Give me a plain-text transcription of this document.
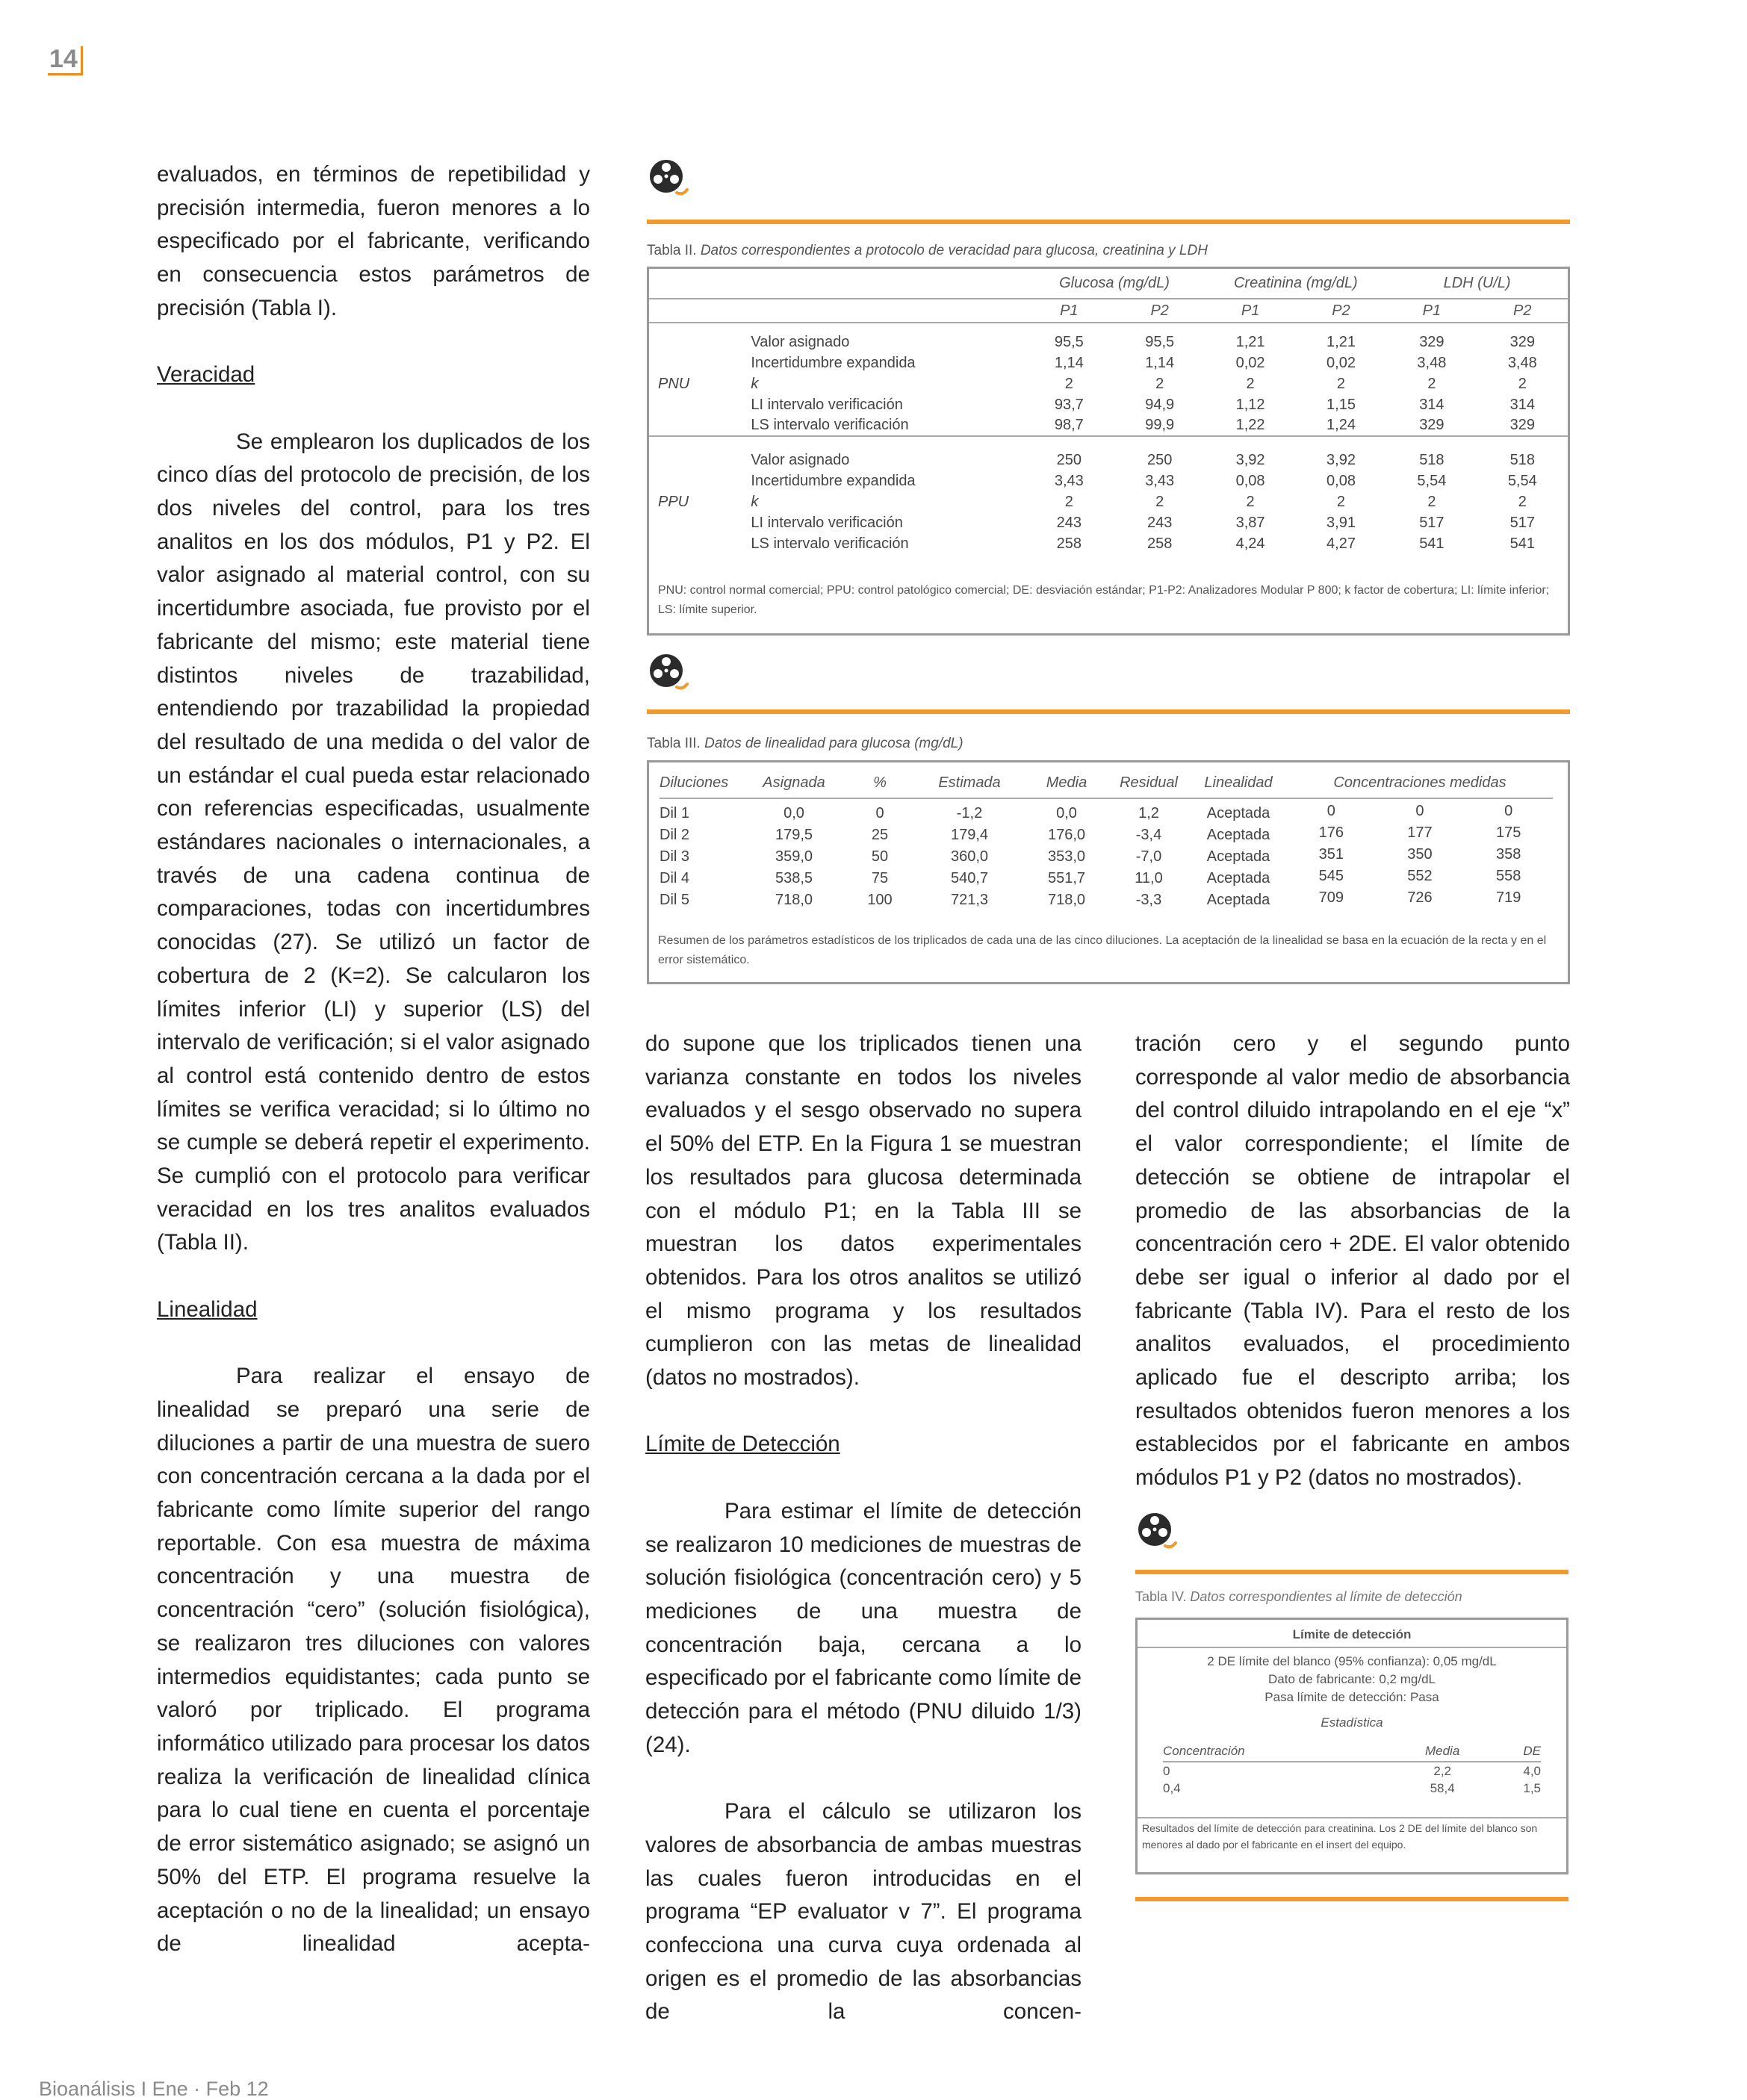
14

evaluados, en términos de repetibilidad y precisión intermedia, fueron menores a lo especificado por el fabricante, verificando en consecuencia estos parámetros de precisión (Tabla I).

Veracidad

Se emplearon los duplicados de los cinco días del protocolo de precisión, de los dos niveles del control, para los tres analitos en los dos módulos, P1 y P2. El valor asignado al material control, con su incertidumbre asociada, fue provisto por el fabricante del mismo; este material tiene distintos niveles de trazabilidad, entendiendo por trazabilidad la propiedad del resultado de una medida o del valor de un estándar el cual pueda estar relacionado con referencias especificadas, usualmente estándares nacionales o internacionales, a través de una cadena continua de comparaciones, todas con incertidumbres conocidas (27). Se utilizó un factor de cobertura de 2 (K=2). Se calcularon los límites inferior (LI) y superior (LS) del intervalo de verificación; si el valor asignado al control está contenido dentro de estos límites se verifica veracidad; si lo último no se cumple se deberá repetir el experimento. Se cumplió con el protocolo para verificar veracidad en los tres analitos evaluados (Tabla II).

Linealidad

Para realizar el ensayo de linealidad se preparó una serie de diluciones a partir de una muestra de suero con concentración cercana a la dada por el fabricante como límite superior del rango reportable. Con esa muestra de máxima concentración y una muestra de concentración “cero” (solución fisiológica), se realizaron tres diluciones con valores intermedios equidistantes; cada punto se valoró por triplicado. El programa informático utilizado para procesar los datos realiza la verificación de linealidad clínica para lo cual tiene en cuenta el porcentaje de error sistemático asignado; se asignó un 50% del ETP. El programa resuelve la aceptación o no de la linealidad; un ensayo de linealidad acepta-

Tabla II. Datos correspondientes a protocolo de veracidad para glucosa, creatinina y LDH
		Glucosa (mg/dL)		Creatinina (mg/dL)		LDH (U/L)	
		P1	P2	P1	P2	P1	P2

	Valor asignado	95,5	95,5	1,21	1,21	329	329
	Incertidumbre expandida	1,14	1,14	0,02	0,02	3,48	3,48
PNU	k	2	2	2	2	2	2
	LI intervalo verificación	93,7	94,9	1,12	1,15	314	314
	LS intervalo verificación	98,7	99,9	1,22	1,24	329	329

	Valor asignado	250	250	3,92	3,92	518	518
	Incertidumbre expandida	3,43	3,43	0,08	0,08	5,54	5,54
PPU	k	2	2	2	2	2	2
	LI intervalo verificación	243	243	3,87	3,91	517	517
	LS intervalo verificación	258	258	4,24	4,27	541	541
PNU: control normal comercial; PPU: control patológico comercial; DE: desviación estándar; P1-P2: Analizadores Modular P 800; k factor de cobertura; LI: límite inferior; LS: límite superior.
Tabla III. Datos de linealidad para glucosa (mg/dL)
Diluciones	Asignada	%	Estimada	Media	Residual	Linealidad	Concentraciones medidas

Dil 1	0,0	0	-1,2	0,0	1,2	Aceptada		0	0	0

Dil 2	179,5	25	179,4	176,0	-3,4	Aceptada		176	177	175

Dil 3	359,0	50	360,0	353,0	-7,0	Aceptada		351	350	358

Dil 4	538,5	75	540,7	551,7	11,0	Aceptada		545	552	558

Dil 5	718,0	100	721,3	718,0	-3,3	Aceptada		709	726	719
Resumen de los parámetros estadísticos de los triplicados de cada una de las cinco diluciones. La aceptación de la linealidad se basa en la ecuación de la recta y en el error sistemático.

do supone que los triplicados tienen una varianza constante en todos los niveles evaluados y el sesgo observado no supera el 50% del ETP. En la Figura 1 se muestran los resultados para glucosa determinada con el módulo P1; en la Tabla III se muestran los datos experimentales obtenidos. Para los otros analitos se utilizó el mismo programa y los resultados cumplieron con las metas de linealidad (datos no mostrados).

Límite de Detección

Para estimar el límite de detección se realizaron 10 mediciones de muestras de solución fisiológica (concentración cero) y 5 mediciones de una muestra de concentración baja, cercana a lo especificado por el fabricante como límite de detección para el método (PNU diluido 1/3) (24).

Para el cálculo se utilizaron los valores de absorbancia de ambas muestras las cuales fueron introducidas en el programa “EP evaluator v 7”. El programa confecciona una curva cuya ordenada al origen es el promedio de las absorbancias de la concen-

tración cero y el segundo punto corresponde al valor medio de absorbancia del control diluido intrapolando en el eje “x” el valor correspondiente; el límite de detección se obtiene de intrapolar el promedio de las absorbancias de la concentración cero + 2DE. El valor obtenido debe ser igual o inferior al dado por el fabricante (Tabla IV). Para el resto de los analitos evaluados, el procedimiento aplicado fue el descripto arriba; los resultados obtenidos fueron menores a los establecidos por el fabricante en ambos módulos P1 y P2 (datos no mostrados).

Tabla IV. Datos correspondientes al límite de detección
Límite de detección
2 DE límite del blanco (95% confianza): 0,05 mg/dL
Dato de fabricante: 0,2 mg/dL
Pasa límite de detección: Pasa
Estadística
Concentración	Media	DE
0	2,2	4,0
0,4	58,4	1,5
Resultados del límite de detección para creatinina. Los 2 DE del límite del blanco son menores al dado por el fabricante en el insert del equipo.
Bioanálisis I Ene · Feb 12
